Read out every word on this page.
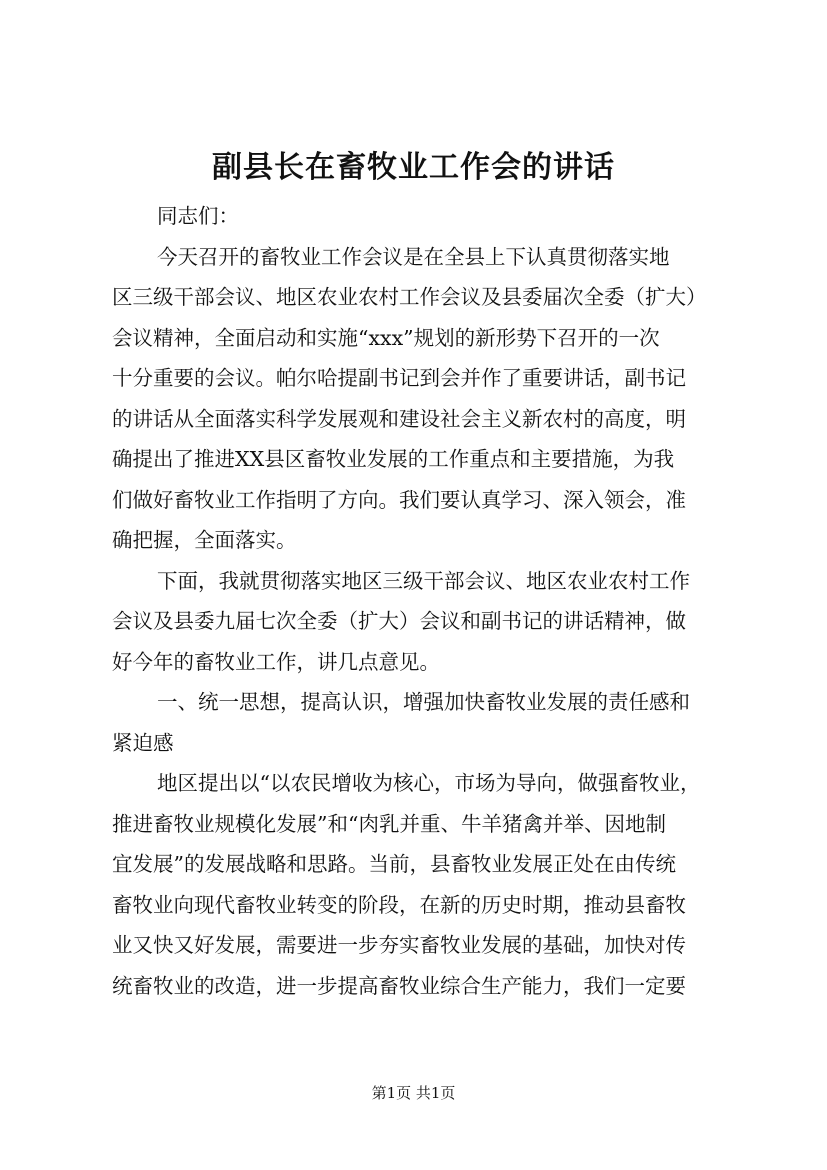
副县长在畜牧业工作会的讲话
同志们：
今天召开的畜牧业工作会议是在全县上下认真贯彻落实地
区三级干部会议、地区农业农村工作会议及县委届次全委（扩大）
会议精神，全面启动和实施“xxx”规划的新形势下召开的一次
十分重要的会议。帕尔哈提副书记到会并作了重要讲话，副书记
的讲话从全面落实科学发展观和建设社会主义新农村的高度，明
确提出了推进XX县区畜牧业发展的工作重点和主要措施，为我
们做好畜牧业工作指明了方向。我们要认真学习、深入领会，准
确把握，全面落实。
下面，我就贯彻落实地区三级干部会议、地区农业农村工作
会议及县委九届七次全委（扩大）会议和副书记的讲话精神，做
好今年的畜牧业工作，讲几点意见。
一、统一思想，提高认识，增强加快畜牧业发展的责任感和
紧迫感
地区提出以“以农民增收为核心，市场为导向，做强畜牧业，
推进畜牧业规模化发展”和“肉乳并重、牛羊猪禽并举、因地制
宜发展”的发展战略和思路。当前，县畜牧业发展正处在由传统
畜牧业向现代畜牧业转变的阶段，在新的历史时期，推动县畜牧
业又快又好发展，需要进一步夯实畜牧业发展的基础，加快对传
统畜牧业的改造，进一步提高畜牧业综合生产能力，我们一定要
第1页 共1页
